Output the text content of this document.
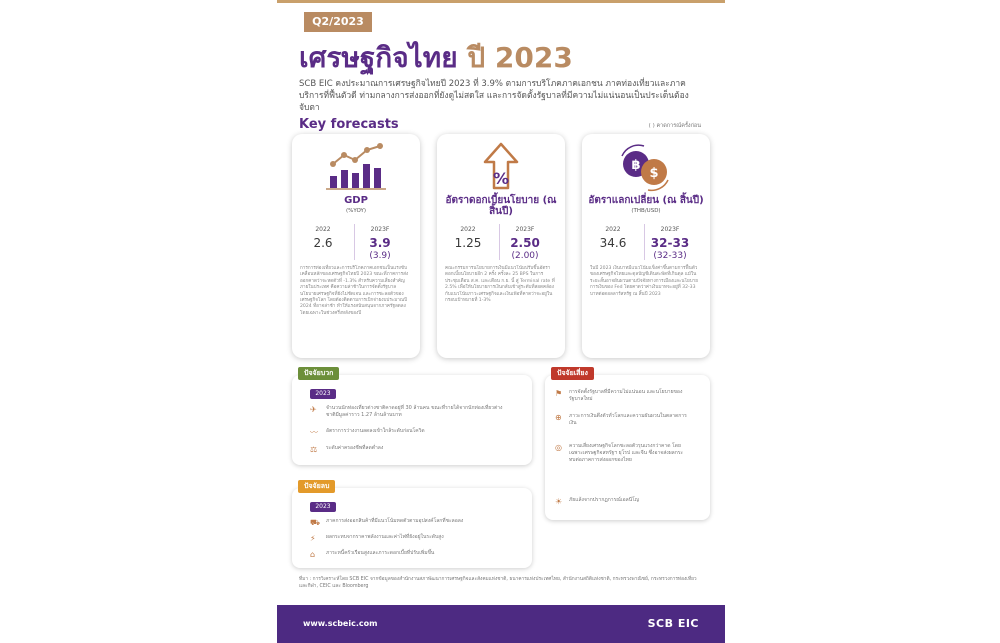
Q2/2023
เศรษฐกิจไทย ปี 2023
SCB EIC คงประมาณการเศรษฐกิจไทยปี 2023 ที่ 3.9% ตามการบริโภคภาคเอกชน ภาคท่องเที่ยวและภาคบริการที่ฟื้นตัวดี ท่ามกลางการส่งออกที่ยังดูไม่สดใส และการจัดตั้งรัฐบาลที่มีความไม่แน่นอนเป็นประเด็นต้องจับตา
Key forecasts	( ) คาดการณ์ครั้งก่อน
GDP
(%YOY)
2022	2023F
2.6	3.9
(3.9)
การการท่องเที่ยวและการบริโภคภาคเอกชนเป็นแรงขับเคลื่อนหลักของเศรษฐกิจไทยปี 2023 ขณะที่ภาคการส่งออกคาดว่าจะหดตัวที่ -1.3% สำหรับความเสี่ยงสำคัญภายในประเทศ คือความล่าช้าในการจัดตั้งรัฐบาล นโยบายเศรษฐกิจที่ยังไม่ชัดเจน และการชะลอตัวของเศรษฐกิจโลก โดยต้องติดตามการเบิกจ่ายงบประมาณปี 2024 ที่อาจล่าช้า ทำให้แรงสนับสนุนจากภาครัฐลดลง โดยเฉพาะในช่วงครึ่งหลังของปี
%
อัตราดอกเบี้ยนโยบาย (ณ สิ้นปี)
2022	2023F
1.25	2.50
(2.00)
คณะกรรมการนโยบายการเงินมีแนวโน้มปรับขึ้นอัตราดอกเบี้ยนโยบายอีก 2 ครั้ง ครั้งละ 25 BPS ในการประชุมเดือน ส.ค. และเดือน ก.ย. นี้ สู่ Terminal rate ที่ 2.5% เพื่อให้นโยบายการเงินกลับเข้าสู่ระดับที่สอดคล้องกับแนวโน้มภาวะเศรษฐกิจและเงินเฟ้อที่คาดว่าจะอยู่ในกรอบเป้าหมายที่ 1-3%
฿
$
อัตราแลกเปลี่ยน (ณ สิ้นปี)
(THB/USD)
2022	2023F
34.6	32-33
(32-33)
ในปี 2023 เงินบาทมีแนวโน้มแข็งค่าขึ้นตามการฟื้นตัวของเศรษฐกิจไทยและดุลบัญชีเดินสะพัดที่เกินดุล แม้ในระยะสั้นอาจผันผวนตามปัจจัยทางการเมืองและนโยบายการเงินของ Fed โดยคาดว่าค่าเงินบาทจะอยู่ที่ 32-33 บาทต่อดอลลาร์สหรัฐ ณ สิ้นปี 2023
ปัจจัยบวก
2023
✈	จำนวนนักท่องเที่ยวต่างชาติคาดอยู่ที่ 30 ล้านคน ขณะที่รายได้จากนักท่องเที่ยวต่างชาติมีมูลค่าราว 1.27 ล้านล้านบาท
〰	อัตราการว่างงานลดลงเข้าใกล้ระดับก่อนโควิด
⚖	ระดับค่าครองชีพที่ลดต่ำลง
ปัจจัยลบ
2023
⛟ ภาคการส่งออกสินค้าที่มีแนวโน้มหดตัวตามอุปสงค์โลกที่ชะลอลง
⚡	ผลกระทบจากราคาพลังงานและค่าไฟที่ยังอยู่ในระดับสูง
⌂	ภาระหนี้ครัวเรือนสูงและภาระดอกเบี้ยที่ปรับเพิ่มขึ้น
ปัจจัยเสี่ยง
⚑	การจัดตั้งรัฐบาลที่มีความไม่แน่นอน และนโยบายของรัฐบาลใหม่
⊕	ภาวะการเงินตึงตัวทั่วโลกและความผันผวนในตลาดการเงิน
◎	ความเสี่ยงเศรษฐกิจโลกชะลอตัวรุนแรงกว่าคาด โดยเฉพาะเศรษฐกิจสหรัฐฯ ยุโรป และจีน ซึ่งอาจส่งผลกระทบต่อภาคการส่งออกของไทย
☀	ภัยแล้งจากปรากฏการณ์เอลนีโญ
ที่มา : การวิเคราะห์โดย SCB EIC จากข้อมูลของสำนักงานสภาพัฒนาการเศรษฐกิจและสังคมแห่งชาติ, ธนาคารแห่งประเทศไทย, สำนักงานสถิติแห่งชาติ, กระทรวงพาณิชย์, กระทรวงการท่องเที่ยวและกีฬา, CEIC และ Bloomberg
www.scbeic.com	SCB EIC
